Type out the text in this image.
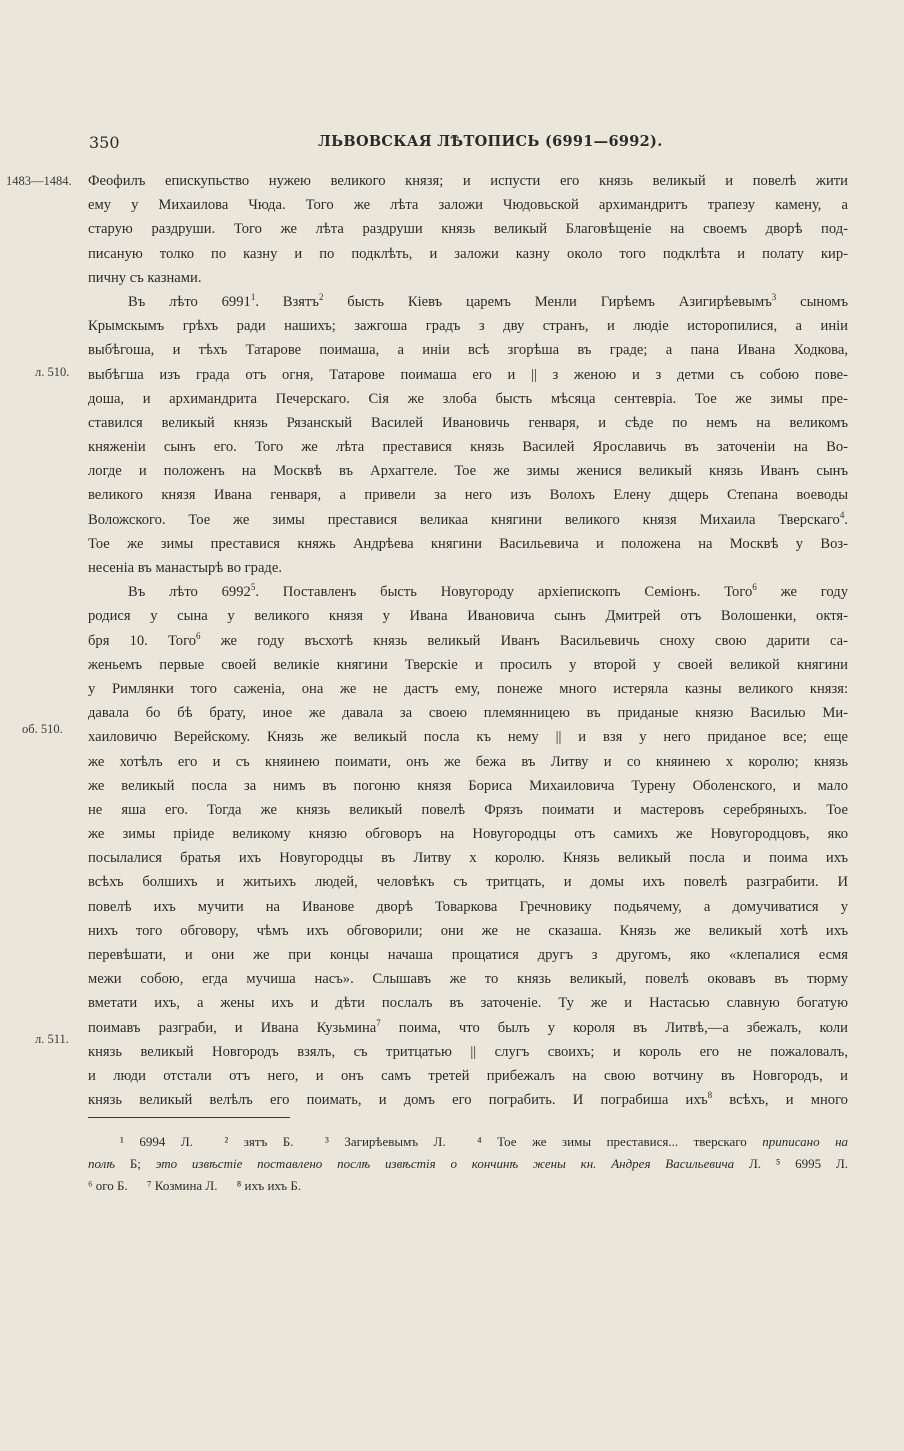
350	ЛЬВОВСКАЯ ЛѢТОПИСЬ (6991—6992).
1483—1484.
л. 510.
об. 510.
л. 511.
Феофилъ епискупьство нужею великого князя; и испусти его князь великый и повелѣ жити
ему у Михаилова Чюда. Того же лѣта заложи Чюдовьской архимандритъ трапезу камену, а
старую раздруши. Того же лѣта раздруши князь великый Благовѣщеніе на своемъ дворѣ под-
писаную толко по казну и по подклѣть, и заложи казну около того подклѣта и полату кир-
пичну съ казнами.
Въ лѣто 6991$^1$. Взятъ$^2$ бысть Кіевъ царемъ Менли Гирѣемъ Азигирѣевымъ$^3$ сыномъ
Крымскымъ грѣхъ ради нашихъ; зажгоша градъ з дву странъ, и людіе исторопилися, а иніи
выбѣгоша, и тѣхъ Татарове поимаша, а иніи всѣ згорѣша въ граде; а пана Ивана Ходкова,
выбѣгша изъ града отъ огня, Татарове поимаша его и || з женою и з детми съ собою пове-
доша, и архимандрита Печерскаго. Сія же злоба бысть мѣсяца сентевріа. Тое же зимы пре-
ставился великый князь Рязанскый Василей Ивановичь генваря, и сѣде по немъ на великомъ
княженіи сынъ его. Того же лѣта преставися князь Василей Ярославичь въ заточеніи на Во-
логде и положенъ на Москвѣ въ Архаггеле. Тое же зимы женися великый князь Иванъ сынъ
великого князя Ивана генваря, а привели за него изъ Волохъ Елену дщерь Степана воеводы
Воложского. Тое же зимы преставися великаа княгини великого князя Михаила Тверскаго$^4$.
Тое же зимы преставися княжь Андрѣева княгини Васильевича и положена на Москвѣ у Воз-
несеніа въ манастырѣ во граде.
Въ лѣто 6992$^5$. Поставленъ бысть Новугороду архіепископъ Семіонъ. Того$^6$ же году
родися у сына у великого князя у Ивана Ивановича сынъ Дмитрей отъ Волошенки, октя-
бря 10. Того$^6$ же году въсхотѣ князь великый Иванъ Васильевичь сноху свою дарити са-
женьемъ первые своей великіе княгини Тверскіе и просилъ у второй у своей великой княгини
у Римлянки того саженіа, она же не дастъ ему, понеже много истеряла казны великого князя:
давала бо бѣ брату, иное же давала за своею племянницею въ приданые князю Василью Ми-
хаиловичю Верейскому. Князь же великый посла къ нему || и взя у него приданое все; еще
же хотѣлъ его и съ княинею поимати, онъ же бежа въ Литву и со княинею х королю; князь
же великый посла за нимъ въ погоню князя Бориса Михаиловича Турену Оболенского, и мало
не яша его. Тогда же князь великый повелѣ Фрязъ поимати и мастеровъ серебряныхъ. Тое
же зимы пріиде великому князю обговоръ на Новугородцы отъ самихъ же Новугородцовъ, яко
посылалися братья ихъ Новугородцы въ Литву х королю. Князь великый посла и поима ихъ
всѣхъ болшихъ и житьихъ людей, человѣкъ съ тритцать, и домы ихъ повелѣ разграбити. И
повелѣ ихъ мучити на Иванове дворѣ Товаркова Гречновику подьячему, а домучиватися у
нихъ того обговору, чѣмъ ихъ обговорили; они же не сказаша. Князь же великый хотѣ ихъ
перевѣшати, и они же при концы начаша прощатися другъ з другомъ, яко «клепалися есмя
межи собою, егда мучиша насъ». Слышавъ же то князь великый, повелѣ оковавъ въ тюрму
вметати ихъ, а жены ихъ и дѣти послалъ въ заточеніе. Ту же и Настасью славную богатую
поимавъ разграби, и Ивана Кузьмина$^7$ поима, что былъ у короля въ Литвѣ,—а збежалъ, коли
князь великый Новгородъ взялъ, съ тритцатью || слугъ своихъ; и король его не пожаловалъ,
и люди отстали отъ него, и онъ самъ третей прибежалъ на свою вотчину въ Новгородъ, и
князь великый велѣлъ его поимать, и домъ его пограбить. И пограбиша ихъ$^8$ всѣхъ, и много
¹ 6994 Л. ² зятъ Б. ³ Загирѣевымъ Л. ⁴ Тое же зимы преставися... тверскаго приписано на
полѣ Б; это извѣстіе поставлено послѣ извѣстія о кончинѣ жены кн. Андрея Васильевича Л. ⁵ 6995 Л.
⁶ ого Б. ⁷ Козмина Л. ⁸ ихъ ихъ Б.
